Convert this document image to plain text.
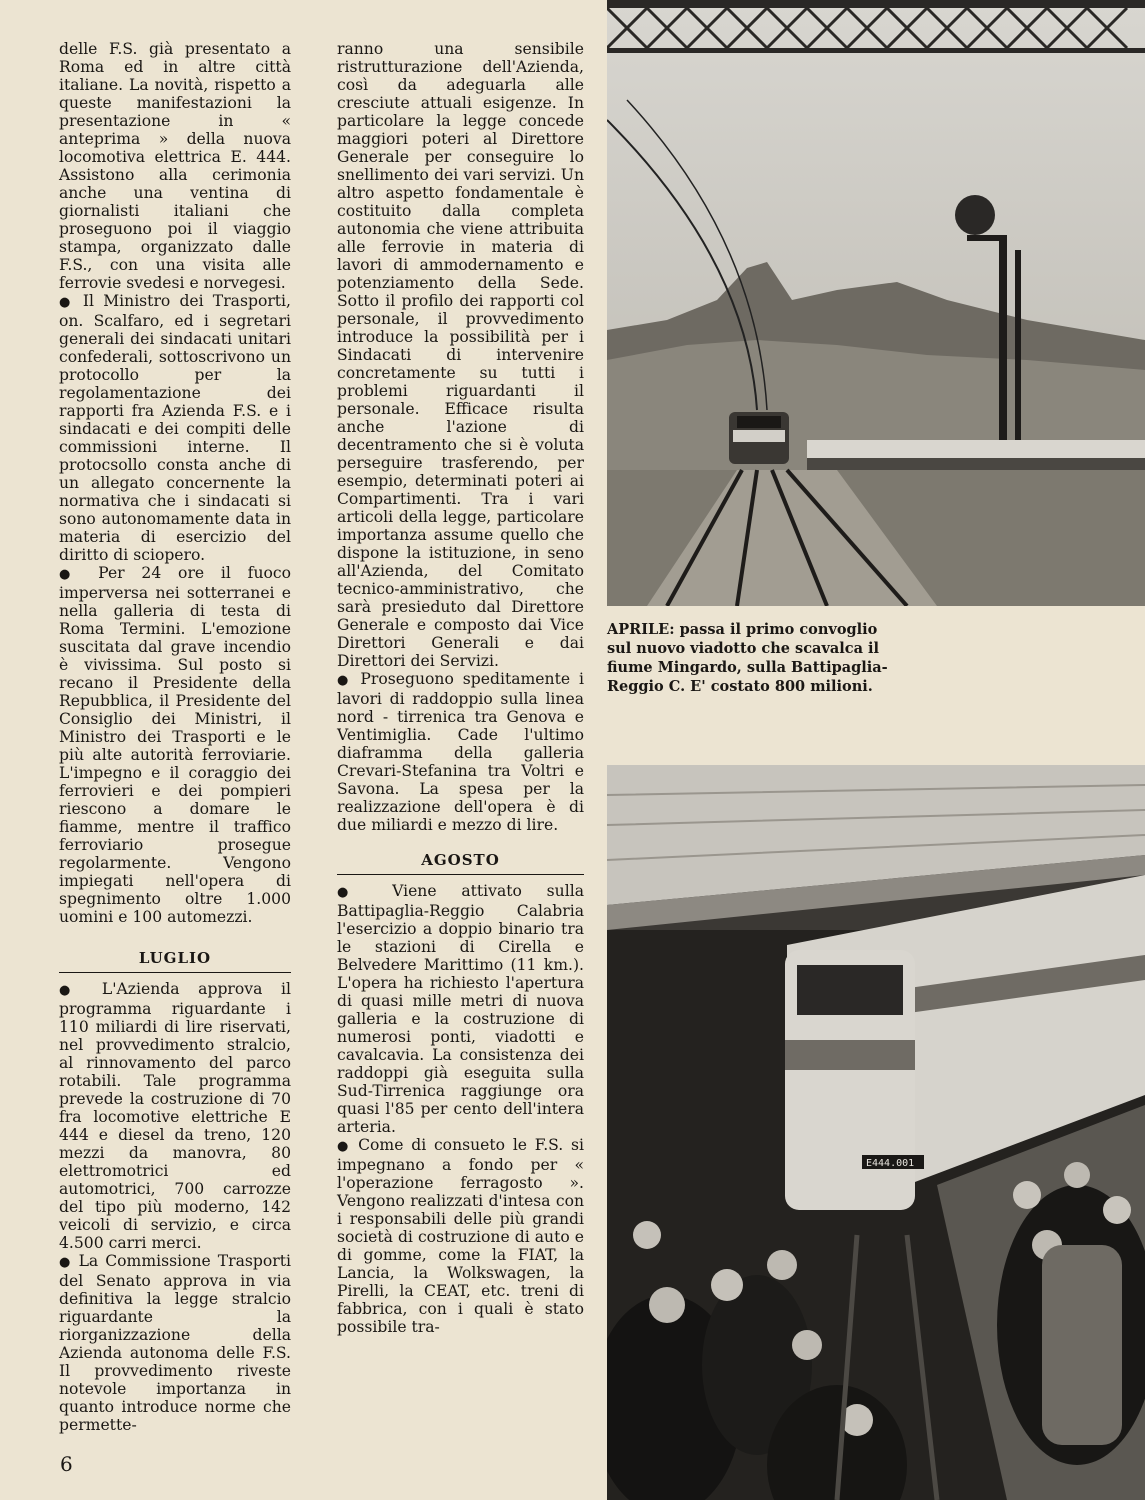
delle F.S. già presentato a Roma ed in altre città italiane. La novità, rispetto a queste manifestazioni la presentazione in « anteprima » della nuova locomotiva elettrica E. 444. Assistono alla cerimonia anche una ventina di giornalisti italiani che proseguono poi il viaggio stampa, organizzato dalle F.S., con una visita alle ferrovie svedesi e norvegesi.

● Il Ministro dei Trasporti, on. Scalfaro, ed i segretari generali dei sindacati unitari confederali, sottoscrivono un protocollo per la regolamentazione dei rapporti fra Azienda F.S. e i sindacati e dei compiti delle commissioni interne. Il protocsollo consta anche di un allegato concernente la normativa che i sindacati si sono autonomamente data in materia di esercizio del diritto di sciopero.

● Per 24 ore il fuoco imperversa nei sotterranei e nella galleria di testa di Roma Termini. L'emozione suscitata dal grave incendio è vivissima. Sul posto si recano il Presidente della Repubblica, il Presidente del Consiglio dei Ministri, il Ministro dei Trasporti e le più alte autorità ferroviarie. L'impegno e il coraggio dei ferrovieri e dei pompieri riescono a domare le fiamme, mentre il traffico ferroviario prosegue regolarmente. Vengono impiegati nell'opera di spegnimento oltre 1.000 uomini e 100 automezzi.

LUGLIO

● L'Azienda approva il programma riguardante i 110 miliardi di lire riservati, nel provvedimento stralcio, al rinnovamento del parco rotabili. Tale programma prevede la costruzione di 70 fra locomotive elettriche E 444 e diesel da treno, 120 mezzi da manovra, 80 elettromotrici ed automotrici, 700 carrozze del tipo più moderno, 142 veicoli di servizio, e circa 4.500 carri merci.

● La Commissione Trasporti del Senato approva in via definitiva la legge stralcio riguardante la riorganizzazione della Azienda autonoma delle F.S. Il provvedimento riveste notevole importanza in quanto introduce norme che permette-

ranno una sensibile ristrutturazione dell'Azienda, così da adeguarla alle cresciute attuali esigenze. In particolare la legge concede maggiori poteri al Direttore Generale per conseguire lo snellimento dei vari servizi. Un altro aspetto fondamentale è costituito dalla completa autonomia che viene attribuita alle ferrovie in materia di lavori di ammodernamento e potenziamento della Sede. Sotto il profilo dei rapporti col personale, il provvedimento introduce la possibilità per i Sindacati di intervenire concretamente su tutti i problemi riguardanti il personale. Efficace risulta anche l'azione di decentramento che si è voluta perseguire trasferendo, per esempio, determinati poteri ai Compartimenti. Tra i vari articoli della legge, particolare importanza assume quello che dispone la istituzione, in seno all'Azienda, del Comitato tecnico-amministrativo, che sarà presieduto dal Direttore Generale e composto dai Vice Direttori Generali e dai Direttori dei Servizi.

● Proseguono speditamente i lavori di raddoppio sulla linea nord - tirrenica tra Genova e Ventimiglia. Cade l'ultimo diaframma della galleria Crevari-Stefanina tra Voltri e Savona. La spesa per la realizzazione dell'opera è di due miliardi e mezzo di lire.

AGOSTO

● Viene attivato sulla Battipaglia-Reggio Calabria l'esercizio a doppio binario tra le stazioni di Cirella e Belvedere Marittimo (11 km.). L'opera ha richiesto l'apertura di quasi mille metri di nuova galleria e la costruzione di numerosi ponti, viadotti e cavalcavia. La consistenza dei raddoppi già eseguita sulla Sud-Tirrenica raggiunge ora quasi l'85 per cento dell'intera arteria.

● Come di consueto le F.S. si impegnano a fondo per « l'operazione ferragosto ». Vengono realizzati d'intesa con i responsabili delle più grandi società di costruzione di auto e di gomme, come la FIAT, la Lancia, la Wolkswagen, la Pirelli, la CEAT, etc. treni di fabbrica, con i quali è stato possibile tra-

APRILE: passa il primo convoglio sul nuovo viadotto che scavalca il fiume Mingardo, sulla Battipaglia-Reggio C. E' costato 800 milioni.
E444.001
6
